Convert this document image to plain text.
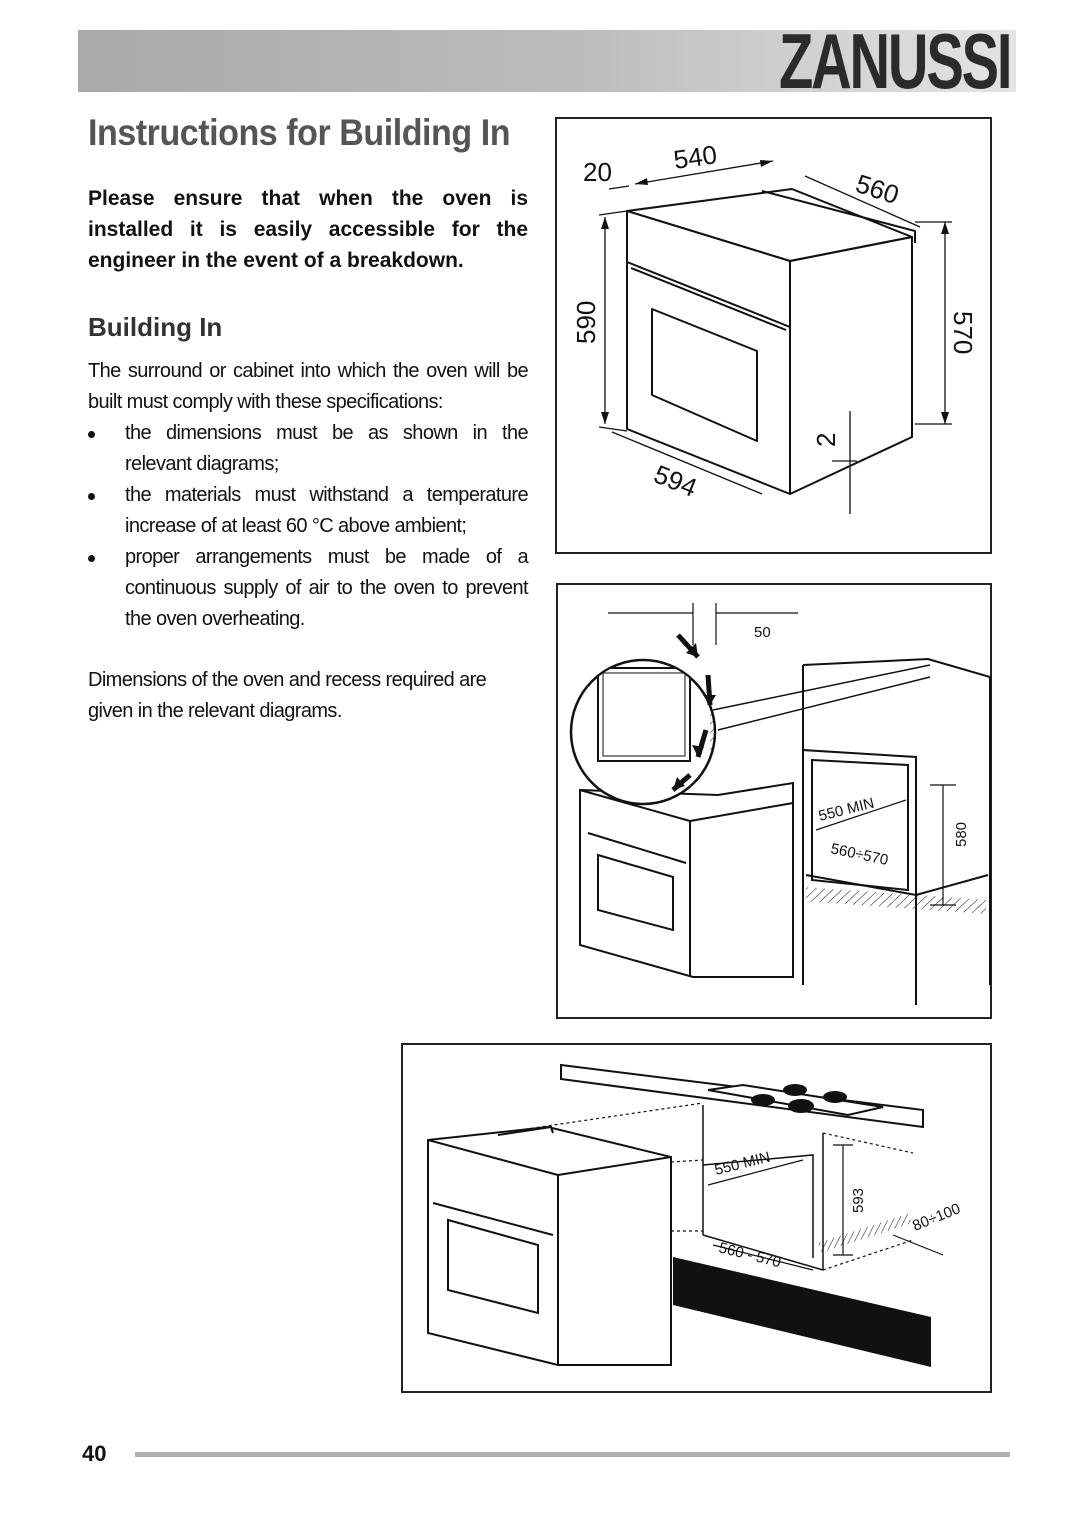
ZANUSSI
Instructions for Building In
Please ensure that when the oven is installed it is easily accessible for the engineer in the event of a breakdown.
Building In
The surround or cabinet into which the oven will be built must comply with these specifications:
the dimensions must be as shown in the relevant diagrams;
the materials must withstand a temperature increase of at least 60 °C above ambient;
proper arrangements must be made of a continuous supply of air to the oven to prevent the oven overheating.
Dimensions of the oven and recess required are given in the relevant diagrams.
20 540
560
590	570
2
594
50
550 MIN
560÷570
580
550 MIN
593	80÷100
560 - 570
40
